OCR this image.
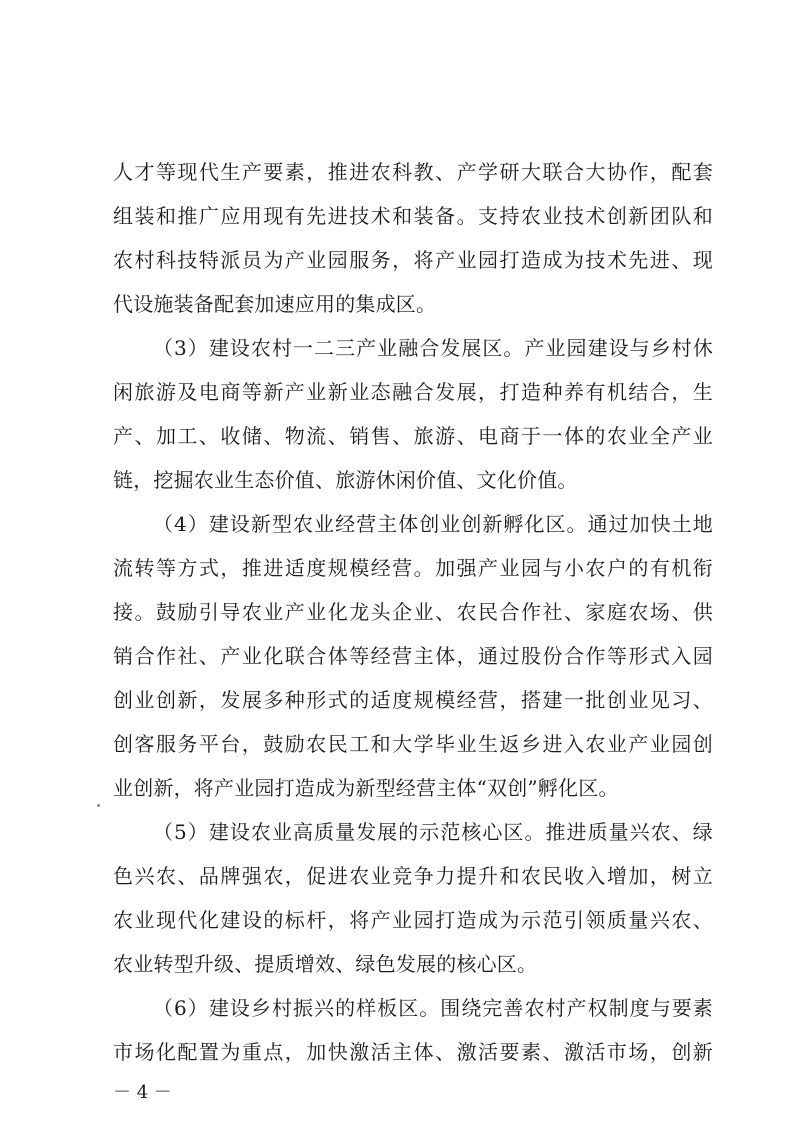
人才等现代生产要素，推进农科教、产学研大联合大协作，配套
组装和推广应用现有先进技术和装备。支持农业技术创新团队和
农村科技特派员为产业园服务，将产业园打造成为技术先进、现
代设施装备配套加速应用的集成区。
（3）建设农村一二三产业融合发展区。产业园建设与乡村休
闲旅游及电商等新产业新业态融合发展，打造种养有机结合，生
产、加工、收储、物流、销售、旅游、电商于一体的农业全产业
链，挖掘农业生态价值、旅游休闲价值、文化价值。
（4）建设新型农业经营主体创业创新孵化区。通过加快土地
流转等方式，推进适度规模经营。加强产业园与小农户的有机衔
接。鼓励引导农业产业化龙头企业、农民合作社、家庭农场、供
销合作社、产业化联合体等经营主体，通过股份合作等形式入园
创业创新，发展多种形式的适度规模经营，搭建一批创业见习、
创客服务平台，鼓励农民工和大学毕业生返乡进入农业产业园创
业创新，将产业园打造成为新型经营主体“双创”孵化区。
（5）建设农业高质量发展的示范核心区。推进质量兴农、绿
色兴农、品牌强农，促进农业竞争力提升和农民收入增加，树立
农业现代化建设的标杆，将产业园打造成为示范引领质量兴农、
农业转型升级、提质增效、绿色发展的核心区。
（6）建设乡村振兴的样板区。围绕完善农村产权制度与要素
市场化配置为重点，加快激活主体、激活要素、激活市场，创新
－ 4 －
